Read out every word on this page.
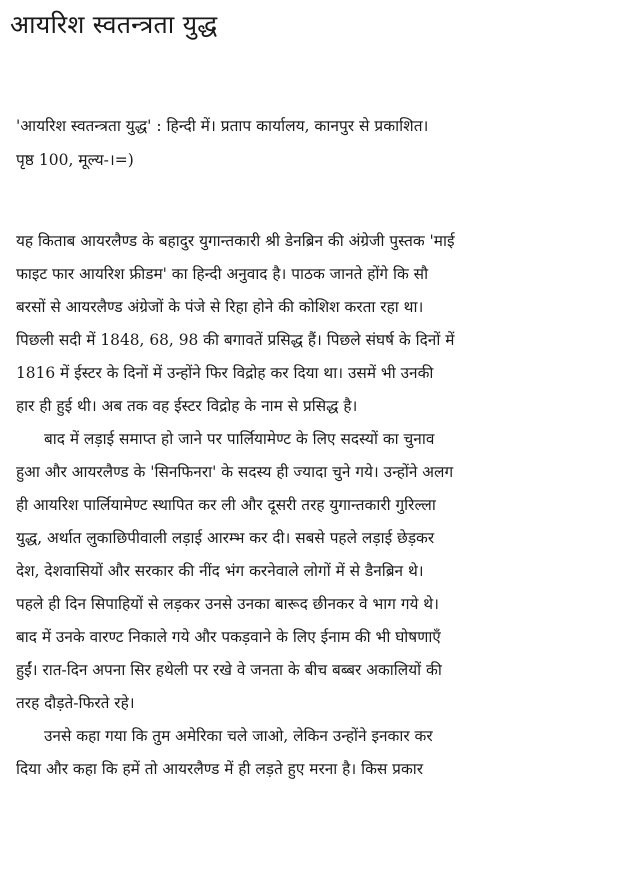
आयरिश स्वतन्त्रता युद्ध
'आयरिश स्वतन्त्रता युद्ध' : हिन्दी में। प्रताप कार्यालय, कानपुर से प्रकाशित।
पृष्ठ 100, मूल्य-।=)
यह किताब आयरलैण्ड के बहादुर युगान्तकारी श्री डेनब्रिन की अंग्रेजी पुस्तक 'माई
फाइट फार आयरिश फ्रीडम' का हिन्दी अनुवाद है। पाठक जानते होंगे कि सौ
बरसों से आयरलैण्ड अंग्रेजों के पंजे से रिहा होने की कोशिश करता रहा था।
पिछली सदी में 1848, 68, 98 की बगावतें प्रसिद्ध हैं। पिछले संघर्ष के दिनों में
1816 में ईस्टर के दिनों में उन्होंने फिर विद्रोह कर दिया था। उसमें भी उनकी
हार ही हुई थी। अब तक वह ईस्टर विद्रोह के नाम से प्रसिद्ध है।
बाद में लड़ाई समाप्त हो जाने पर पार्लियामेण्ट के लिए सदस्यों का चुनाव
हुआ और आयरलैण्ड के 'सिनफिनरा' के सदस्य ही ज्यादा चुने गये। उन्होंने अलग
ही आयरिश पार्लियामेण्ट स्थापित कर ली और दूसरी तरह युगान्तकारी गुरिल्ला
युद्ध, अर्थात लुकाछिपीवाली लड़ाई आरम्भ कर दी। सबसे पहले लड़ाई छेड़कर
देश, देशवासियों और सरकार की नींद भंग करनेवाले लोगों में से डैनब्रिन थे।
पहले ही दिन सिपाहियों से लड़कर उनसे उनका बारूद छीनकर वे भाग गये थे।
बाद में उनके वारण्ट निकाले गये और पकड़वाने के लिए ईनाम की भी घोषणाएँ
हुईं। रात-दिन अपना सिर हथेली पर रखे वे जनता के बीच बब्बर अकालियों की
तरह दौड़ते-फिरते रहे।
उनसे कहा गया कि तुम अमेरिका चले जाओ, लेकिन उन्होंने इनकार कर
दिया और कहा कि हमें तो आयरलैण्ड में ही लड़ते हुए मरना है। किस प्रकार
